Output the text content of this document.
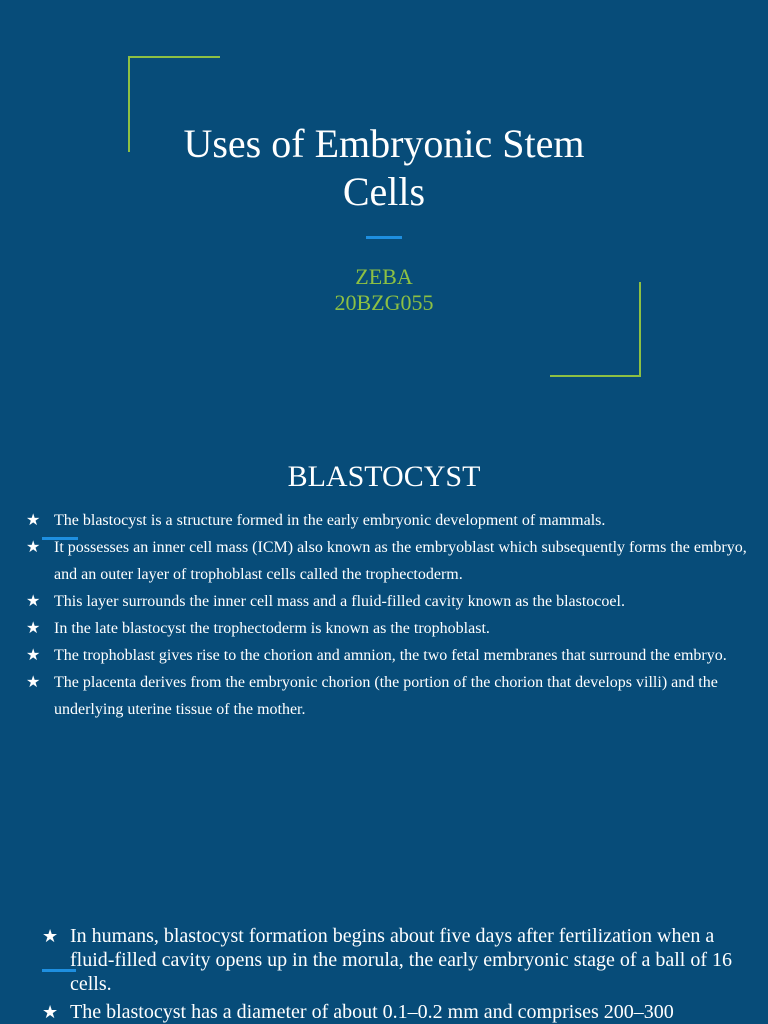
Uses of Embryonic Stem
Cells
ZEBA
20BZG055
BLASTOCYST
★ The blastocyst is a structure formed in the early embryonic development of mammals.
★ It possesses an inner cell mass (ICM) also known as the embryoblast which subsequently forms the embryo, and an outer layer of trophoblast cells called the trophectoderm.
★ This layer surrounds the inner cell mass and a fluid-filled cavity known as the blastocoel.
★ In the late blastocyst the trophectoderm is known as the trophoblast.
★ The trophoblast gives rise to the chorion and amnion, the two fetal membranes that surround the embryo.
★ The placenta derives from the embryonic chorion (the portion of the chorion that develops villi) and the underlying uterine tissue of the mother.
★ In humans, blastocyst formation begins about five days after fertilization when a fluid-filled cavity opens up in the morula, the early embryonic stage of a ball of 16 cells.
★ The blastocyst has a diameter of about 0.1–0.2 mm and comprises 200–300
